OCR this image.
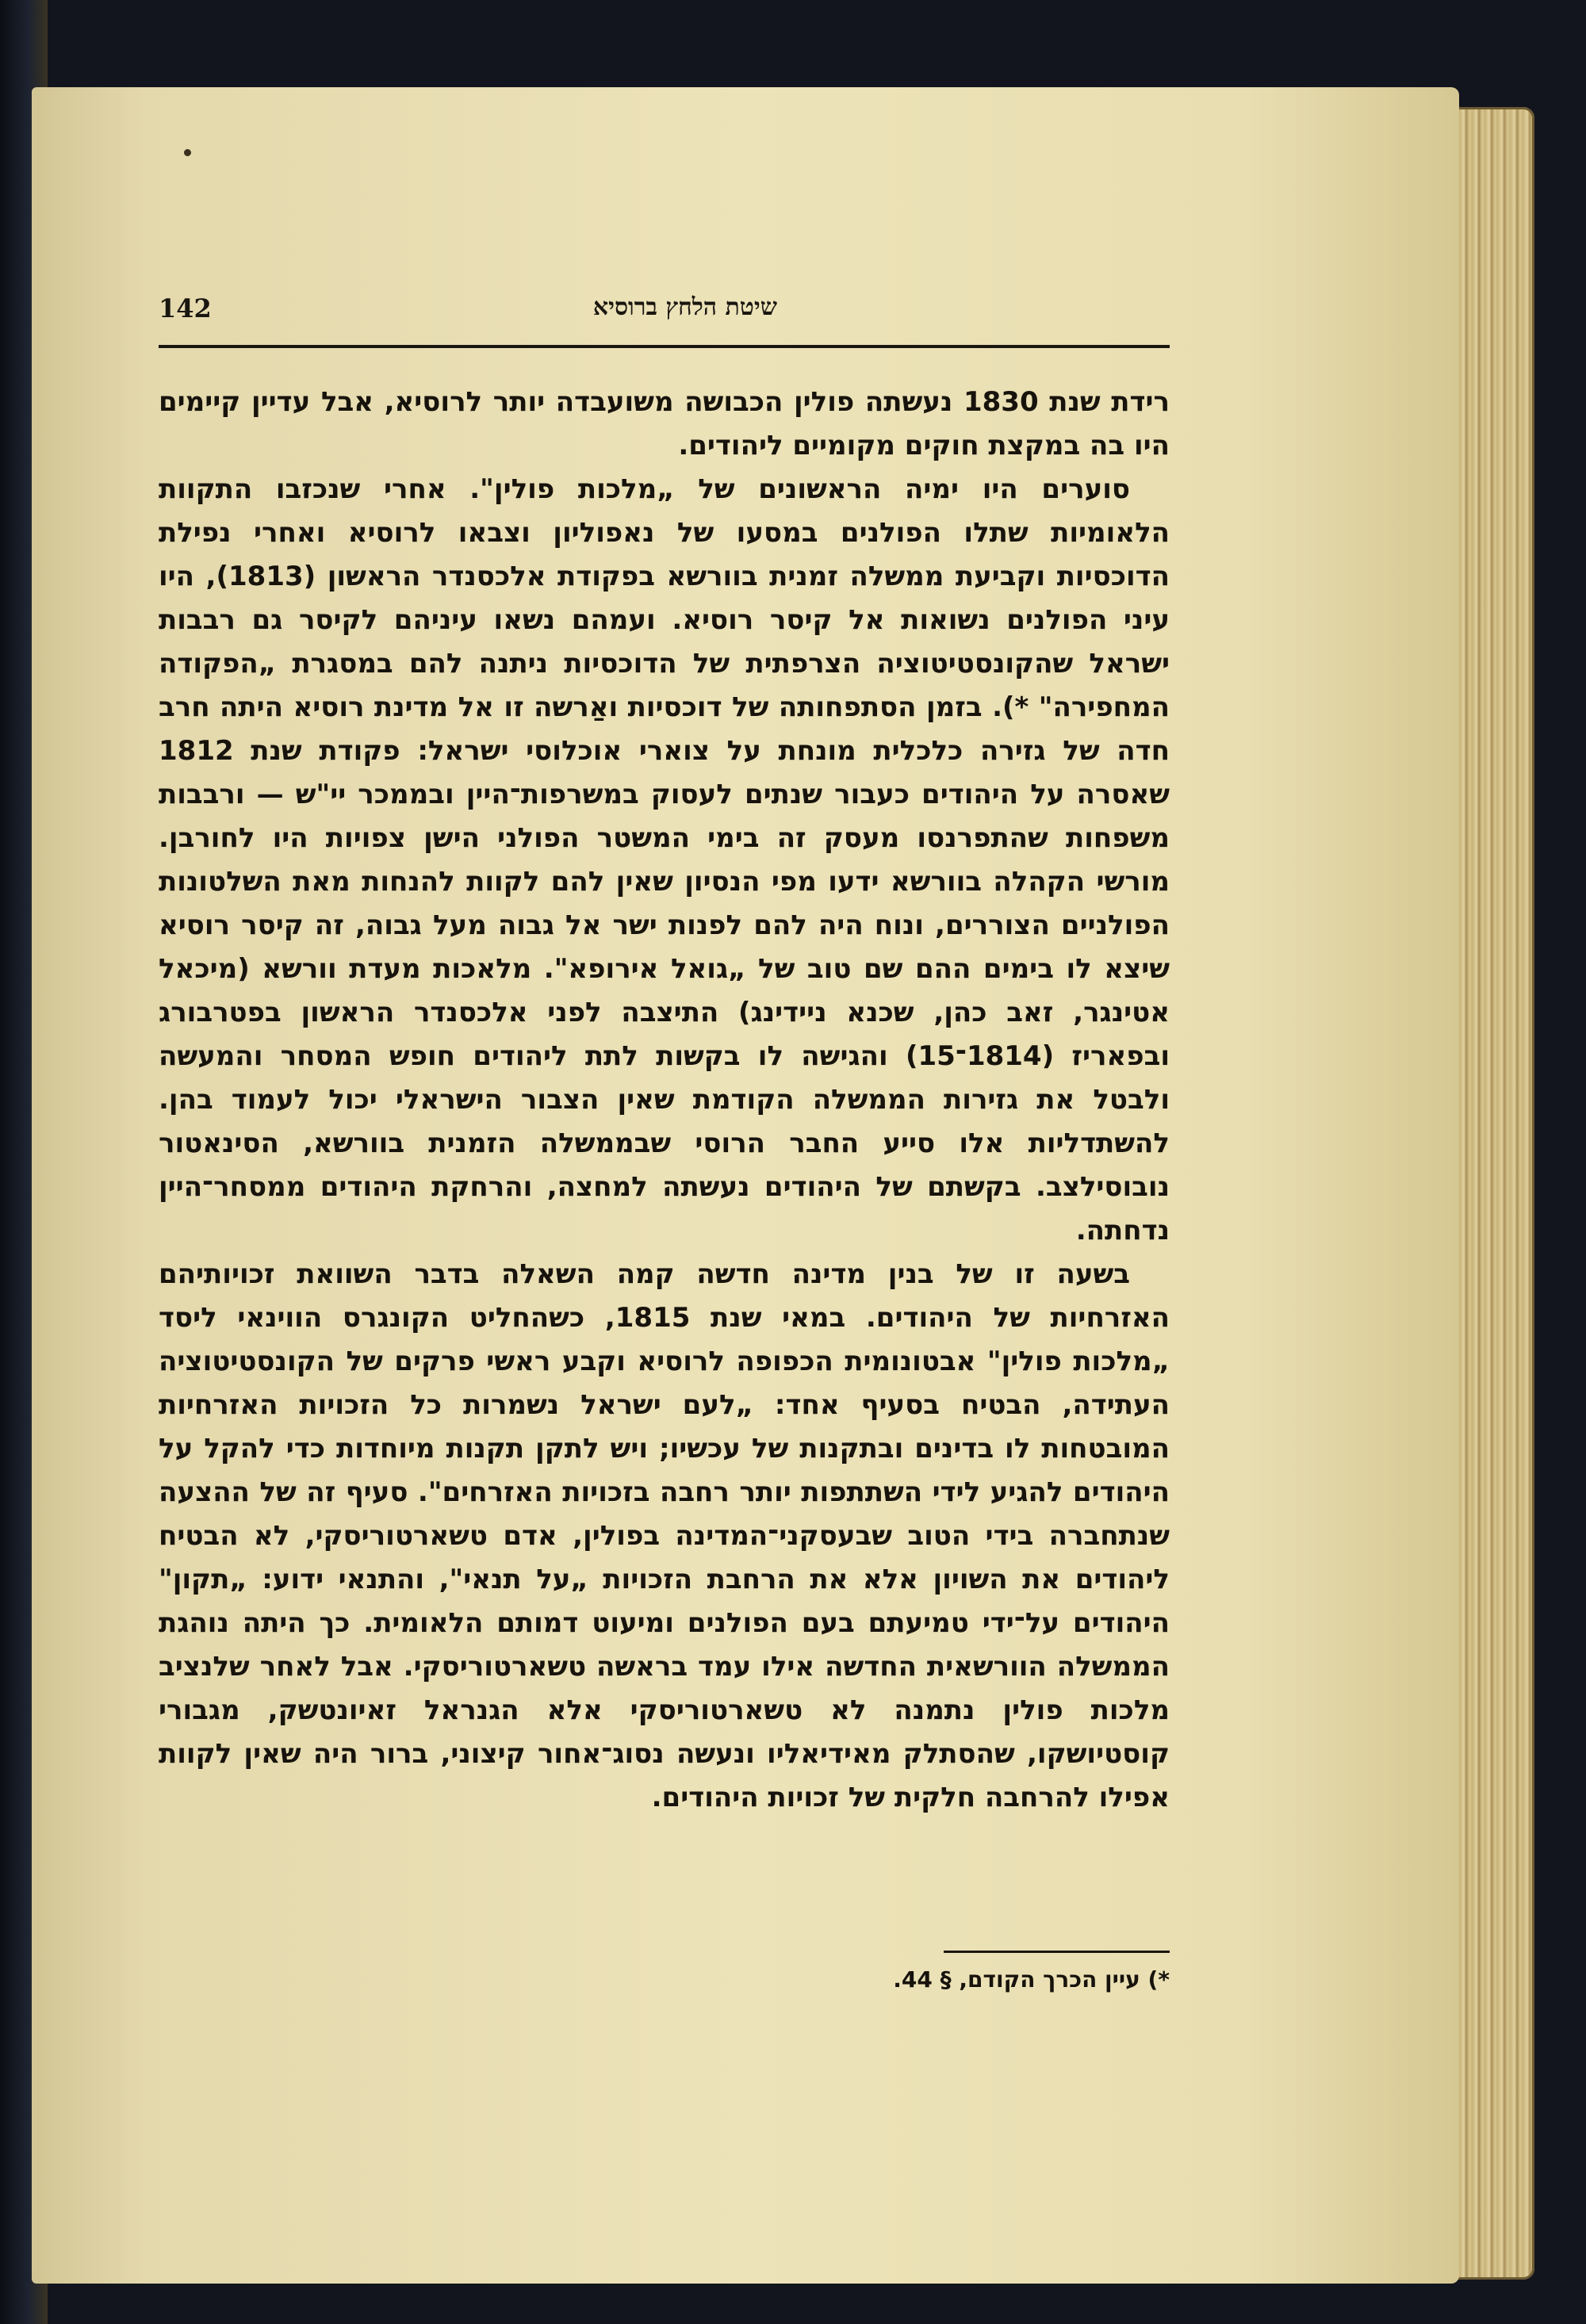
שיטת הלחץ ברוסיא
142

רידת שנת 1830 נעשתה פולין הכבושה משועבדה יותר לרוסיא, אבל עדיין קיימים היו בה במקצת חוקים מקומיים ליהודים.

סוערים היו ימיה הראשונים של „מלכות פולין". אחרי שנכזבו התקוות הלאומיות שתלו הפולנים במסעו של נאפוליון וצבאו לרוסיא ואחרי נפילת הדוכסיות וקביעת ממשלה זמנית בוורשא בפקודת אלכסנדר הראשון (1813), היו עיני הפולנים נשואות אל קיסר רוסיא. ועמהם נשאו עיניהם לקיסר גם רבבות ישראל שהקונסטיטוציה הצרפתית של הדוכסיות ניתנה להם במסגרת „הפקודה המחפירה" *). בזמן הסתפחותה של דוכסיות ואַרשה זו אל מדינת רוסיא היתה חרב חדה של גזירה כלכלית מונחת על צוארי אוכלוסי ישראל: פקודת שנת 1812 שאסרה על היהודים כעבור שנתים לעסוק במשרפות־היין ובממכר יי"ש — ורבבות משפחות שהתפרנסו מעסק זה בימי המשטר הפולני הישן צפויות היו לחורבן. מורשי הקהלה בוורשא ידעו מפי הנסיון שאין להם לקוות להנחות מאת השלטונות הפולניים הצוררים, ונוח היה להם לפנות ישר אל גבוה מעל גבוה, זה קיסר רוסיא שיצא לו בימים ההם שם טוב של „גואל אירופא". מלאכות מעדת וורשא (מיכאל אטינגר, זאב כהן, שכנא ניידינג) התיצבה לפני אלכסנדר הראשון בפטרבורג ובפאריז (1814־15) והגישה לו בקשות לתת ליהודים חופש המסחר והמעשה ולבטל את גזירות הממשלה הקודמת שאין הצבור הישראלי יכול לעמוד בהן. להשתדליות אלו סייע החבר הרוסי שבממשלה הזמנית בוורשא, הסינאטור נובוסילצב. בקשתם של היהודים נעשתה למחצה, והרחקת היהודים ממסחר־היין נדחתה.

בשעה זו של בנין מדינה חדשה קמה השאלה בדבר השוואת זכויותיהם האזרחיות של היהודים. במאי שנת 1815, כשהחליט הקונגרס הווינאי ליסד „מלכות פולין" אבטונומית הכפופה לרוסיא וקבע ראשי פרקים של הקונסטיטוציה העתידה, הבטיח בסעיף אחד: „לעם ישראל נשמרות כל הזכויות האזרחיות המובטחות לו בדינים ובתקנות של עכשיו; ויש לתקן תקנות מיוחדות כדי להקל על היהודים להגיע לידי השתתפות יותר רחבה בזכויות האזרחים". סעיף זה של ההצעה שנתחברה בידי הטוב שבעסקני־המדינה בפולין, אדם טשארטוריסקי, לא הבטיח ליהודים את השויון אלא את הרחבת הזכויות „על תנאי", והתנאי ידוע: „תקון" היהודים על־ידי טמיעתם בעם הפולנים ומיעוט דמותם הלאומית. כך היתה נוהגת הממשלה הוורשאית החדשה אילו עמד בראשה טשארטוריסקי. אבל לאחר שלנציב מלכות פולין נתמנה לא טשארטוריסקי אלא הגנראל זאיונטשק, מגבורי קוסטיושקו, שהסתלק מאידיאליו ונעשה נסוג־אחור קיצוני, ברור היה שאין לקוות אפילו להרחבה חלקית של זכויות היהודים.

*) עיין הכרך הקודם, § 44.
